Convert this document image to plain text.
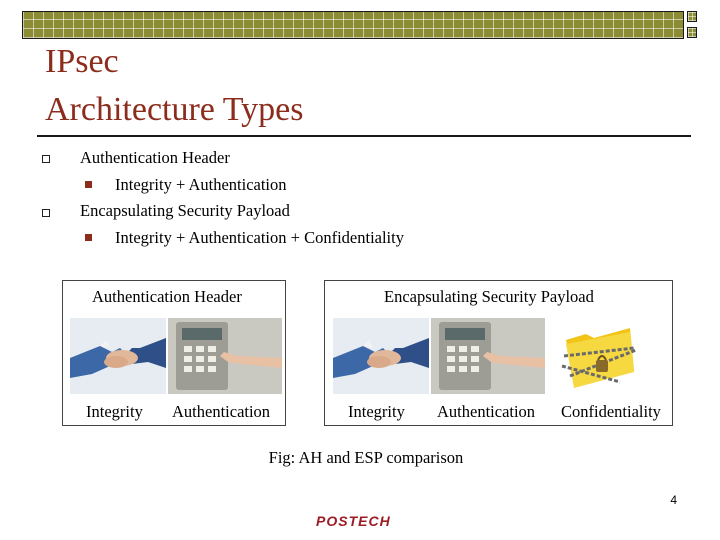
IPsec
Architecture Types
Authentication Header
Integrity + Authentication
Encapsulating Security Payload
Integrity + Authentication + Confidentiality
Authentication Header	Encapsulating Security Payload
Integrity Authentication	Integrity Authentication Confidentiality
Fig: AH and ESP comparison
4
POSTECH
